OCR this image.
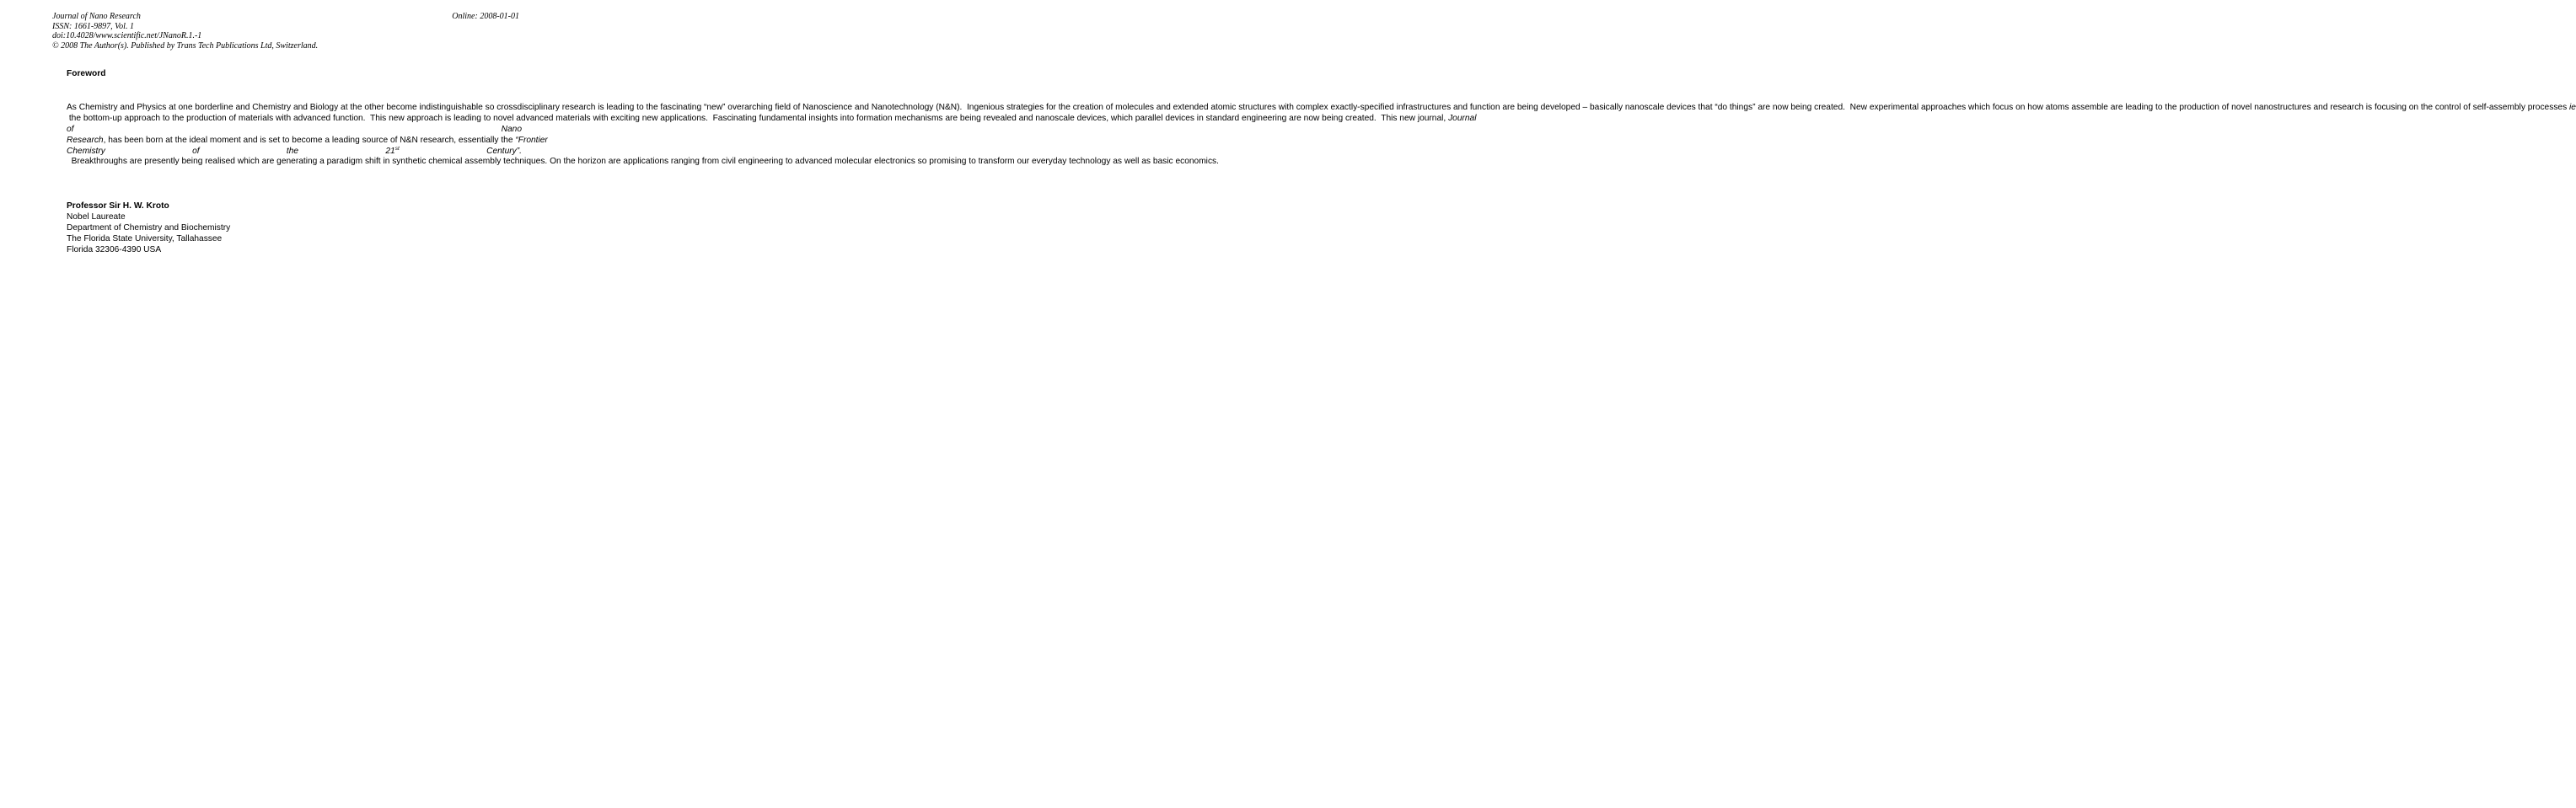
Journal of Nano Research	Online: 2008-01-01
ISSN: 1661-9897, Vol. 1
doi:10.4028/www.scientific.net/JNanoR.1.-1
© 2008 The Author(s). Published by Trans Tech Publications Ltd, Switzerland.

Foreword

As Chemistry and Physics at one borderline and Chemistry and Biology at the other become indistinguishable so crossdisciplinary research is leading to the fascinating “new” overarching field of Nanoscience and Nanotechnology (N&N).  Ingenious strategies for the creation of molecules and extended atomic structures with complex exactly-specified infrastructures and function are being developed – basically nanoscale devices that “do things” are now being created.  New experimental approaches which focus on how atoms assemble are leading to the production of novel nanostructures and research is focusing on the control of self-assembly processes ie the bottom-up approach to the production of materials with advanced function.  This new approach is leading to novel advanced materials with exciting new applications.  Fascinating fundamental insights into formation mechanisms are being revealed and nanoscale devices, which parallel devices in standard engineering are now being created.  This new journal, Journal of Nano Research, has been born at the ideal moment and is set to become a leading source of N&N research, essentially the “Frontier Chemistry of the 21st Century”.  Breakthroughs are presently being realised which are generating a paradigm shift in synthetic chemical assembly techniques. On the horizon are applications ranging from civil engineering to advanced molecular electronics so promising to transform our everyday technology as well as basic economics.

Professor Sir H. W. Kroto
Nobel Laureate
Department of Chemistry and Biochemistry
The Florida State University, Tallahassee
Florida 32306-4390 USA
